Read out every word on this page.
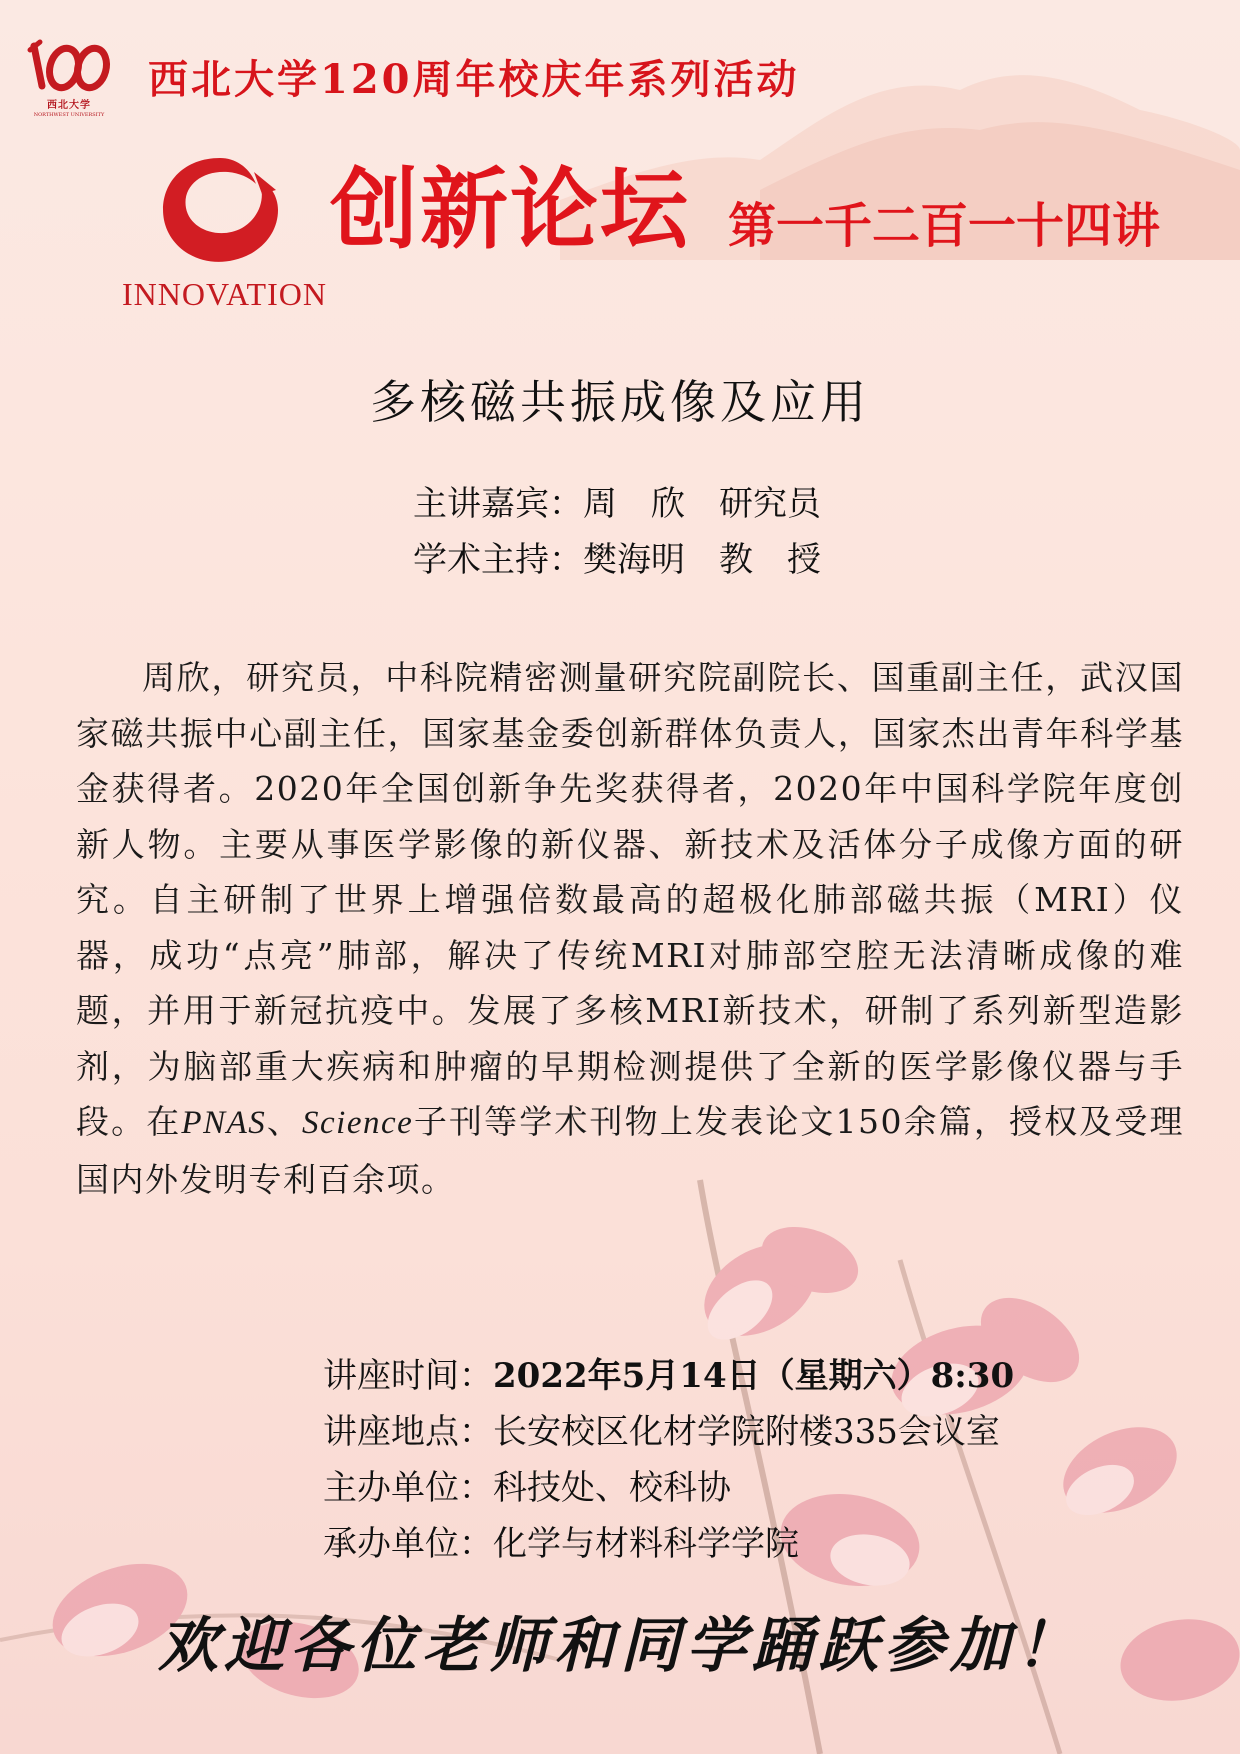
西北大学
NORTHWEST UNIVERSITY
西北大学120周年校庆年系列活动
INNOVATION
创新论坛 第一千二百一十四讲
多核磁共振成像及应用
主讲嘉宾：周　欣　研究员
学术主持：樊海明　教　授
周欣，研究员，中科院精密测量研究院副院长、国重副主任，武汉国家磁共振中心副主任，国家基金委创新群体负责人，国家杰出青年科学基金获得者。2020年全国创新争先奖获得者，2020年中国科学院年度创新人物。主要从事医学影像的新仪器、新技术及活体分子成像方面的研究。自主研制了世界上增强倍数最高的超极化肺部磁共振（MRI）仪器，成功“点亮”肺部，解决了传统MRI对肺部空腔无法清晰成像的难题，并用于新冠抗疫中。发展了多核MRI新技术，研制了系列新型造影剂，为脑部重大疾病和肿瘤的早期检测提供了全新的医学影像仪器与手段。在PNAS、Science子刊等学术刊物上发表论文150余篇，授权及受理国内外发明专利百余项。
讲座时间：2022年5月14日（星期六）8:30
讲座地点：长安校区化材学院附楼335会议室
主办单位：科技处、校科协
承办单位：化学与材料科学学院
欢迎各位老师和同学踊跃参加！
